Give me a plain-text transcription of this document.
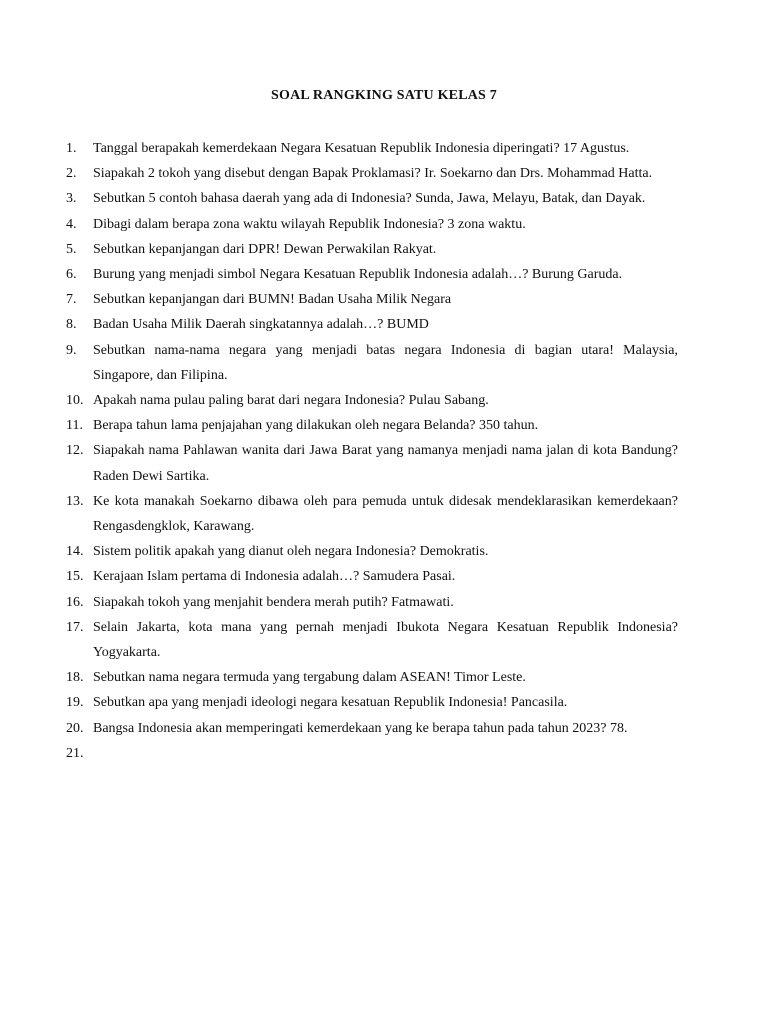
SOAL RANGKING SATU KELAS 7
1. Tanggal berapakah kemerdekaan Negara Kesatuan Republik Indonesia diperingati? 17 Agustus.
2. Siapakah 2 tokoh yang disebut dengan Bapak Proklamasi? Ir. Soekarno dan Drs. Mohammad Hatta.
3. Sebutkan 5 contoh bahasa daerah yang ada di Indonesia? Sunda, Jawa, Melayu, Batak, dan Dayak.
4. Dibagi dalam berapa zona waktu wilayah Republik Indonesia? 3 zona waktu.
5. Sebutkan kepanjangan dari DPR! Dewan Perwakilan Rakyat.
6. Burung yang menjadi simbol Negara Kesatuan Republik Indonesia adalah…? Burung Garuda.
7. Sebutkan kepanjangan dari BUMN! Badan Usaha Milik Negara
8. Badan Usaha Milik Daerah singkatannya adalah…? BUMD
9. Sebutkan nama-nama negara yang menjadi batas negara Indonesia di bagian utara! Malaysia, Singapore, dan Filipina.
10. Apakah nama pulau paling barat dari negara Indonesia? Pulau Sabang.
11. Berapa tahun lama penjajahan yang dilakukan oleh negara Belanda? 350 tahun.
12. Siapakah nama Pahlawan wanita dari Jawa Barat yang namanya menjadi nama jalan di kota Bandung? Raden Dewi Sartika.
13. Ke kota manakah Soekarno dibawa oleh para pemuda untuk didesak mendeklarasikan kemerdekaan? Rengasdengklok, Karawang.
14. Sistem politik apakah yang dianut oleh negara Indonesia? Demokratis.
15. Kerajaan Islam pertama di Indonesia adalah…? Samudera Pasai.
16. Siapakah tokoh yang menjahit bendera merah putih? Fatmawati.
17. Selain Jakarta, kota mana yang pernah menjadi Ibukota Negara Kesatuan Republik Indonesia? Yogyakarta.
18. Sebutkan nama negara termuda yang tergabung dalam ASEAN! Timor Leste.
19. Sebutkan apa yang menjadi ideologi negara kesatuan Republik Indonesia! Pancasila.
20. Bangsa Indonesia akan memperingati kemerdekaan yang ke berapa tahun pada tahun 2023? 78.
21.
